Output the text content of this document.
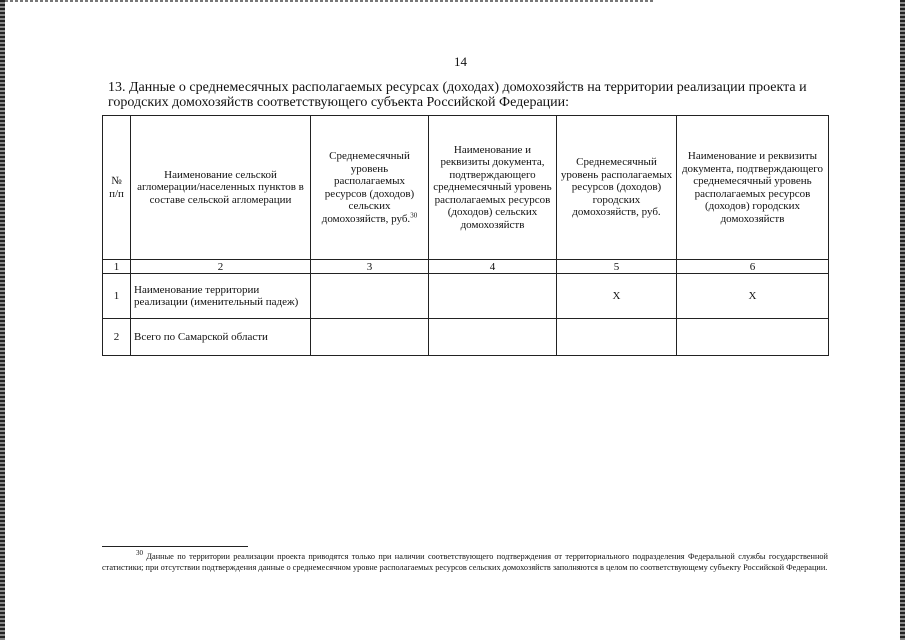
14
13. Данные о среднемесячных располагаемых ресурсах (доходах) домохозяйств на территории реализации проекта и городских домохозяйств соответствующего субъекта Российской Федерации:
№ п/п	Наименование сельской агломерации/населенных пунктов в составе сельской агломерации	Среднемесячный уровень располагаемых ресурсов (доходов) сельских домохозяйств, руб.$^{30}$	Наименование и реквизиты документа, подтверждающего среднемесячный уровень располагаемых ресурсов (доходов) сельских домохозяйств	Среднемесячный уровень располагаемых ресурсов (доходов) городских домохозяйств, руб.	Наименование и реквизиты документа, подтверждающего среднемесячный уровень располагаемых ресурсов (доходов) городских домохозяйств
1	2	3	4	5	6
1	Наименование территории реализации (именительный падеж)			X	X
2	Всего по Самарской области				
$^{30}$ Данные по территории реализации проекта приводятся только при наличии соответствующего подтверждения от территориального подразделения Федеральной службы государственной статистики; при отсутствии подтверждения данные о среднемесячном уровне располагаемых ресурсов сельских домохозяйств заполняются в целом по соответствующему субъекту Российской Федерации.
